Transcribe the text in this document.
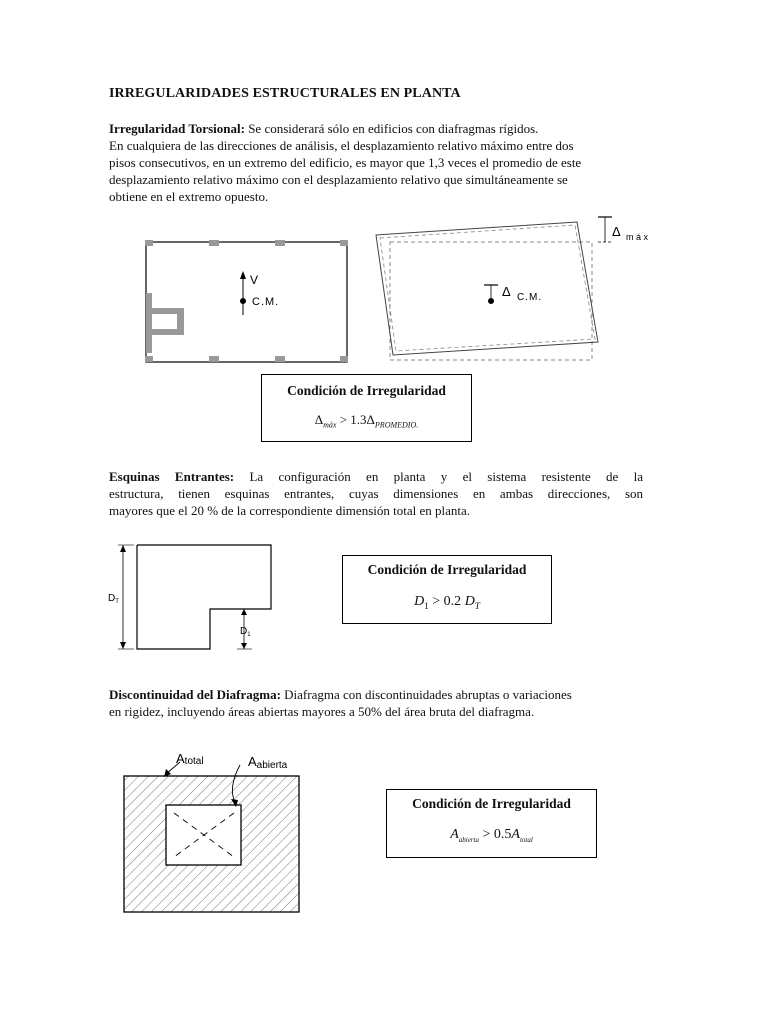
IRREGULARIDADES ESTRUCTURALES EN PLANTA
Irregularidad Torsional: Se considerará sólo en edificios con diafragmas rígidos.
En cualquiera de las direcciones de análisis, el desplazamiento relativo máximo entre dos
pisos consecutivos, en un extremo del edificio, es mayor que 1,3 veces el promedio de este
desplazamiento relativo máximo con el desplazamiento relativo que simultáneamente se
obtiene en el extremo opuesto.
V
C.M.
Δ m á x
Δ C.M.
Condición de Irregularidad
$\Delta_{máx} > 1.3\Delta_{PROMEDIO.}$
Esquinas Entrantes: La configuración en planta y el sistema resistente de la
estructura, tienen esquinas entrantes, cuyas dimensiones en ambas direcciones, son
mayores que el 20 % de la correspondiente dimensión total en planta.
$D_T$
$D_1$
Condición de Irregularidad
$D_1 > 0.2$ $D_T$
Discontinuidad del Diafragma: Diafragma con discontinuidades abruptas o variaciones
en rigidez, incluyendo áreas abiertas mayores a 50% del área bruta del diafragma.
Atotal	Aabierta
Condición de Irregularidad
$A_{abierta} > 0.5A_{total}$
